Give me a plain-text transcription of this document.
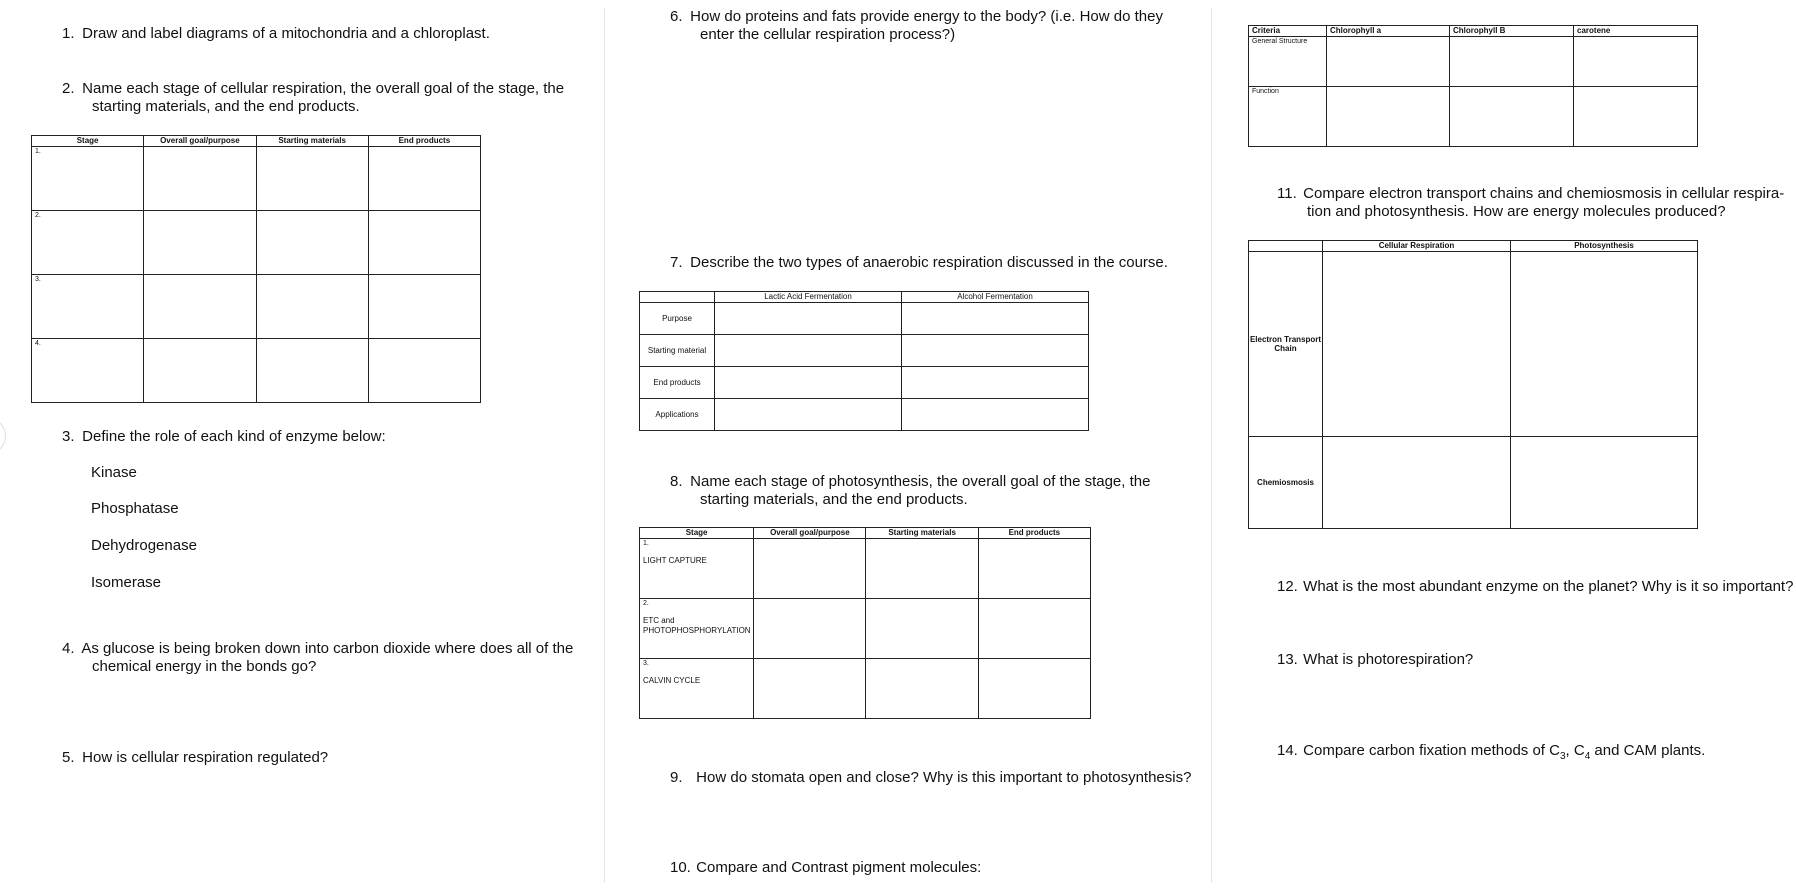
1. Draw and label diagrams of a mitochondria and a chloroplast.
2. Name each stage of cellular respiration, the overall goal of the stage, the
starting materials, and the end products.
Stage	Overall goal/purpose	Starting materials	End products

1.			

2.			

3.			

4.			

3. Define the role of each kind of enzyme below:
Kinase
Phosphatase
Dehydrogenase
Isomerase
4. As glucose is being broken down into carbon dioxide where does all of the
chemical energy in the bonds go?
5. How is cellular respiration regulated?
6. How do proteins and fats provide energy to the body? (i.e. How do they
enter the cellular respiration process?)
7. Describe the two types of anaerobic respiration discussed in the course.
	Lactic Acid Fermentation	Alcohol Fermentation
Purpose		
Starting material		
End products		
Applications		
8. Name each stage of photosynthesis, the overall goal of the stage, the
starting materials, and the end products.
Stage	Overall goal/purpose	Starting materials	End products

1.
LIGHT CAPTURE			

2.
ETC and PHOTOPHOSPHORYLATION			

3.
CALVIN CYCLE			

9. How do stomata open and close? Why is this important to photosynthesis?
10. Compare and Contrast pigment molecules:
Criteria	Chlorophyll a	Chlorophyll B	carotene

General Structure			

Function			

11. Compare electron transport chains and chemiosmosis in cellular respira-
tion and photosynthesis. How are energy molecules produced?
	Cellular Respiration	Photosynthesis
Electron Transport Chain		
Chemiosmosis		
12. What is the most abundant enzyme on the planet? Why is it so important?
13. What is photorespiration?
14. Compare carbon fixation methods of $C_3$, $C_4$ and CAM plants.
